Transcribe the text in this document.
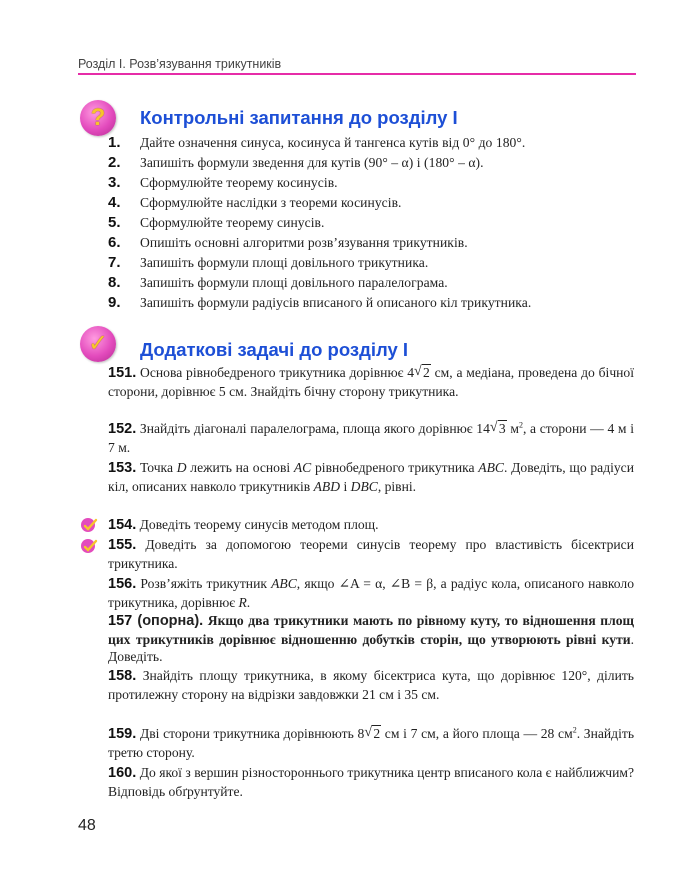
Розділ І. Розв’язування трикутників
?	Контрольні запитання до розділу І
1.	Дайте означення синуса, косинуса й тангенса кутів від 0° до 180°.
2.	Запишіть формули зведення для кутів (90° – α) і (180° – α).
3.	Сформулюйте теорему косинусів.
4.	Сформулюйте наслідки з теореми косинусів.
5.	Сформулюйте теорему синусів.
6.	Опишіть основні алгоритми розв’язування трикутників.
7.	Запишіть формули площі довільного трикутника.
8.	Запишіть формули площі довільного паралелограма.
9.	Запишіть формули радіусів вписаного й описаного кіл трикутника.
✓	Додаткові задачі до розділу І
151. Основа рівнобедреного трикутника дорівнює 4 √ 2 см, а медіана, проведена до бічної сторони, дорівнює 5 см. Знайдіть бічну сторону трикутника.
152. Знайдіть діагоналі паралелограма, площа якого дорівнює 14 √ 3 $м^2$, а сторони — 4 м і 7 м.
153. Точка D лежить на основі AC рівнобедреного трикутника ABC. Доведіть, що радіуси кіл, описаних навколо трикутників ABD і DBC, рівні.
154. Доведіть теорему синусів методом площ.
155. Доведіть за допомогою теореми синусів теорему про властивість бісектриси трикутника.
156. Розв’яжіть трикутник ABC, якщо ∠A = α, ∠B = β, а радіус кола, описаного навколо трикутника, дорівнює R.
157 (опорна). Якщо два трикутники мають по рівному куту, то відношення площ цих трикутників дорівнює відношенню добутків сторін, що утворюють рівні кути. Доведіть.
158. Знайдіть площу трикутника, в якому бісектриса кута, що дорівнює 120°, ділить протилежну сторону на відрізки завдовжки 21 см і 35 см.
159. Дві сторони трикутника дорівнюють 8 √ 2 см і 7 см, а його площа — 28 $см^2$. Знайдіть третю сторону.
160. До якої з вершин різностороннього трикутника центр вписаного кола є найближчим? Відповідь обґрунтуйте.
48
